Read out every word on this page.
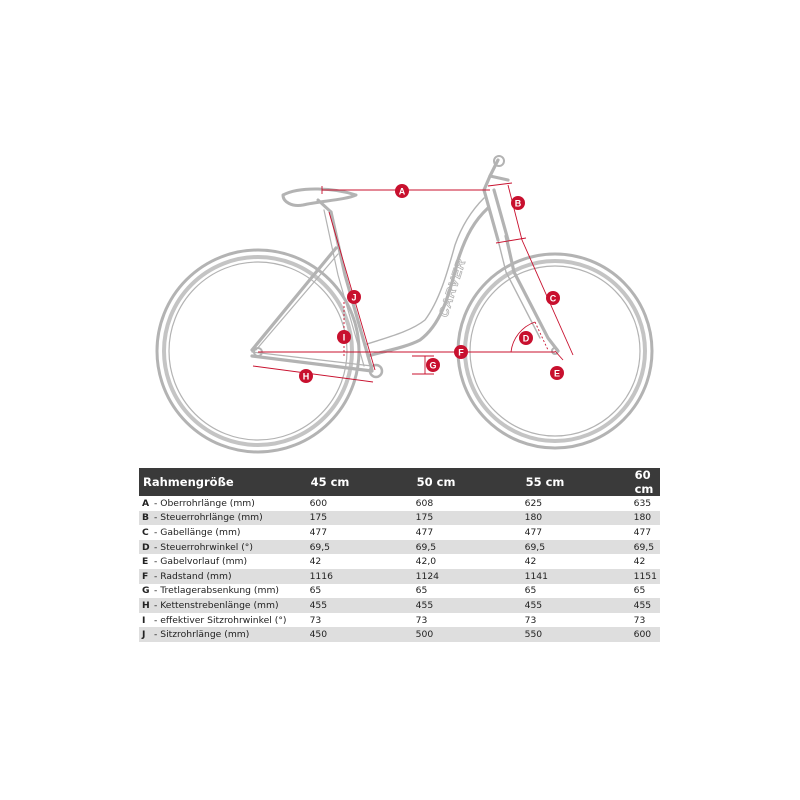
CARVER
A
B
C
D
E
F
G
H
I
J
Rahmengröße	45 cm	50 cm	55 cm	60 cm
A - Oberrohrlänge (mm)	600	608	625	635
B - Steuerrohrlänge (mm)	175	175	180	180
C - Gabellänge (mm)	477	477	477	477
D - Steuerrohrwinkel (°)	69,5	69,5	69,5	69,5
E - Gabelvorlauf (mm)	42	42,0	42	42
F - Radstand (mm)	1116	1124	1141	1151
G - Tretlagerabsenkung (mm)	65	65	65	65
H - Kettenstrebenlänge (mm)	455	455	455	455
I - effektiver Sitzrohrwinkel (°)	73	73	73	73
J - Sitzrohrlänge (mm)	450	500	550	600
